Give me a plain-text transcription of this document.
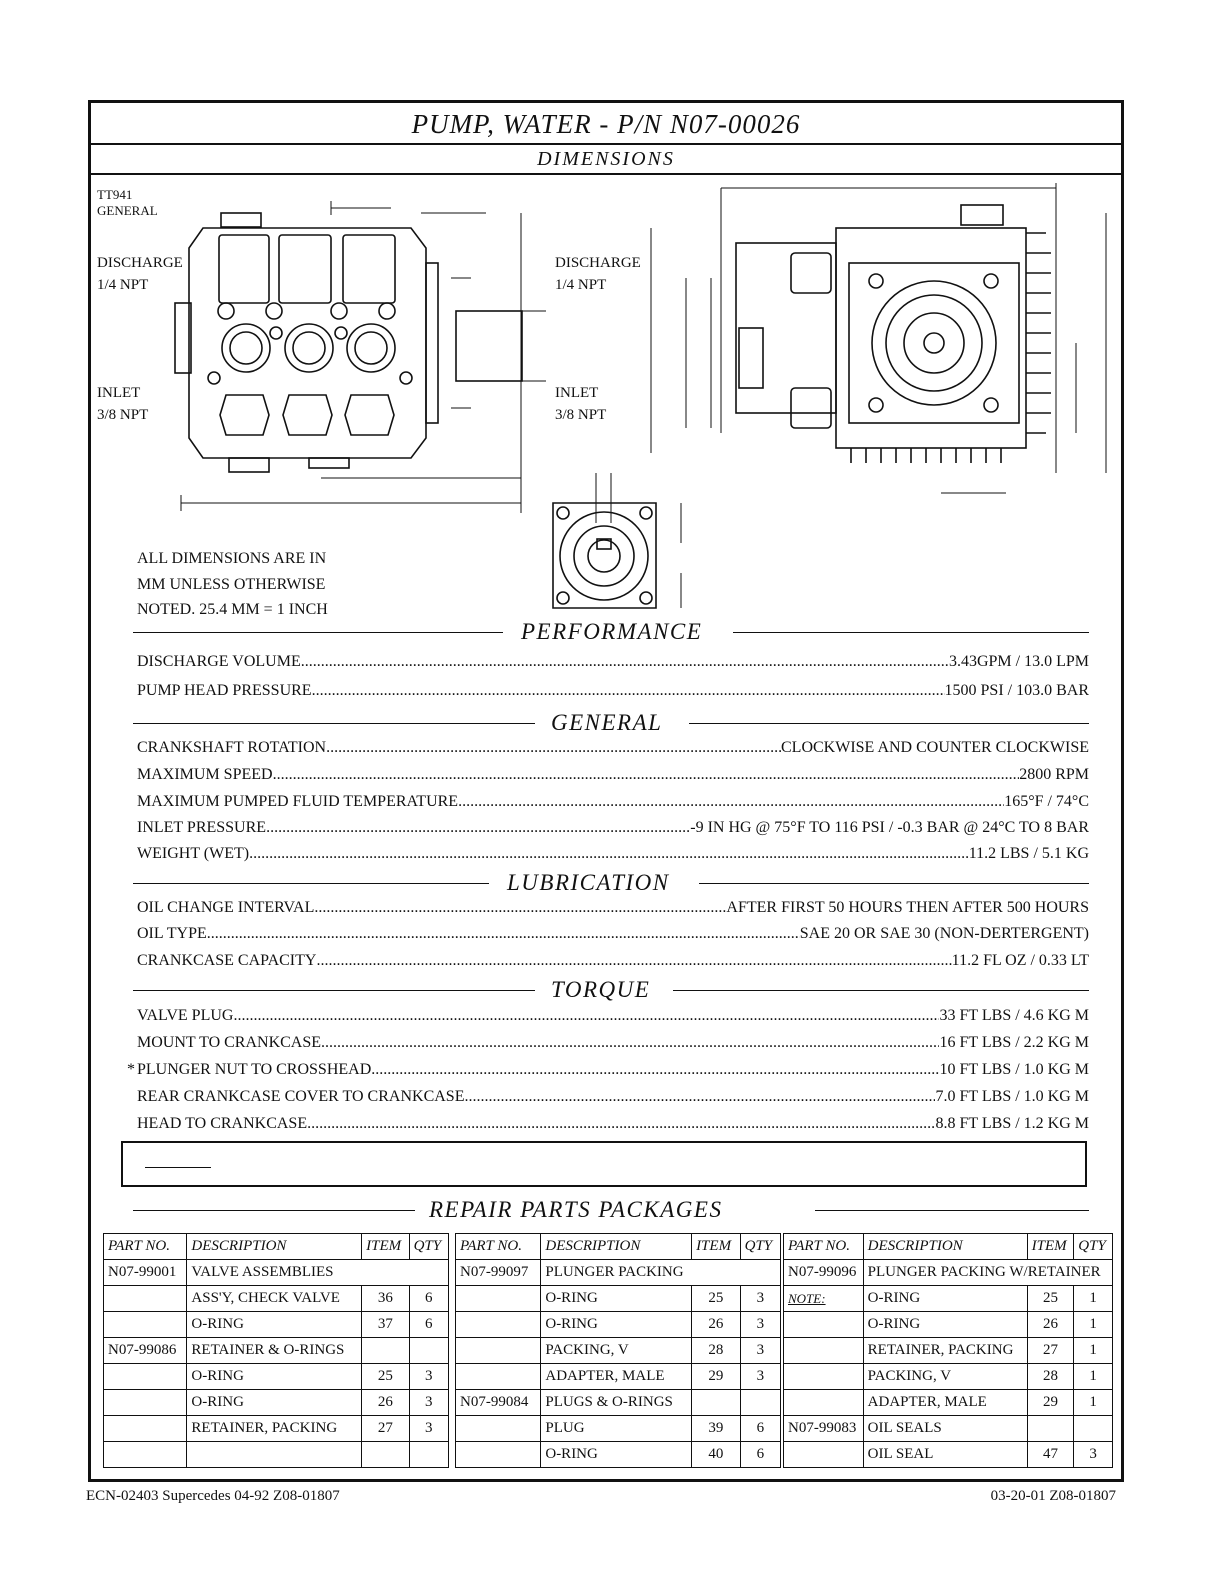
PUMP, WATER - P/N N07-00026
DIMENSIONS
TT941
GENERAL
DISCHARGE
1/4 NPT
INLET
3/8 NPT
DISCHARGE
1/4 NPT
INLET
3/8 NPT
ALL DIMENSIONS ARE IN
MM UNLESS OTHERWISE
NOTED. 25.4 MM = 1 INCH
PERFORMANCE
DISCHARGE VOLUME .....	3.43GPM / 13.0 LPM
PUMP HEAD PRESSURE .....	1500 PSI / 103.0 BAR
GENERAL
CRANKSHAFT ROTATION .....	CLOCKWISE AND COUNTER CLOCKWISE
MAXIMUM SPEED .....	2800 RPM
MAXIMUM PUMPED FLUID TEMPERATURE .....	165°F / 74°C
INLET PRESSURE .....	-9 IN HG @ 75°F TO 116 PSI / -0.3 BAR @ 24°C TO 8 BAR
WEIGHT (WET) .....	11.2 LBS / 5.1 KG
LUBRICATION
OIL CHANGE INTERVAL .....	AFTER FIRST 50 HOURS THEN AFTER 500 HOURS
OIL TYPE .....	SAE 20 OR SAE 30 (NON-DERTERGENT)
CRANKCASE CAPACITY .....	11.2 FL OZ / 0.33 LT
TORQUE
VALVE PLUG .....	33 FT LBS / 4.6 KG M
MOUNT TO CRANKCASE .....	16 FT LBS / 2.2 KG M
* PLUNGER NUT TO CROSSHEAD .....	10 FT LBS / 1.0 KG M
REAR CRANKCASE COVER TO CRANKCASE .....	7.0 FT LBS / 1.0 KG M
HEAD TO CRANKCASE .....	8.8 FT LBS / 1.2 KG M
REPAIR PARTS PACKAGES
PART NO.	DESCRIPTION	ITEM	QTY
N07-99001	VALVE ASSEMBLIES		
	ASS'Y, CHECK VALVE	36	6
	O-RING	37	6
N07-99086	RETAINER & O-RINGS		
	O-RING	25	3
	O-RING	26	3
	RETAINER, PACKING	27	3

PART NO.	DESCRIPTION	ITEM	QTY
N07-99097	PLUNGER PACKING		
	O-RING	25	3
	O-RING	26	3
	PACKING, V	28	3
	ADAPTER, MALE	29	3
N07-99084	PLUGS & O-RINGS		
	PLUG	39	6
	O-RING	40	6
PART NO.	DESCRIPTION	ITEM	QTY
N07-99096	PLUNGER PACKING W/RETAINER		
NOTE:	O-RING	25	1
	O-RING	26	1
	RETAINER, PACKING	27	1
	PACKING, V	28	1
	ADAPTER, MALE	29	1
N07-99083	OIL SEALS		
	OIL SEAL	47	3
ECN-02403 Supercedes 04-92 Z08-01807	03-20-01 Z08-01807
